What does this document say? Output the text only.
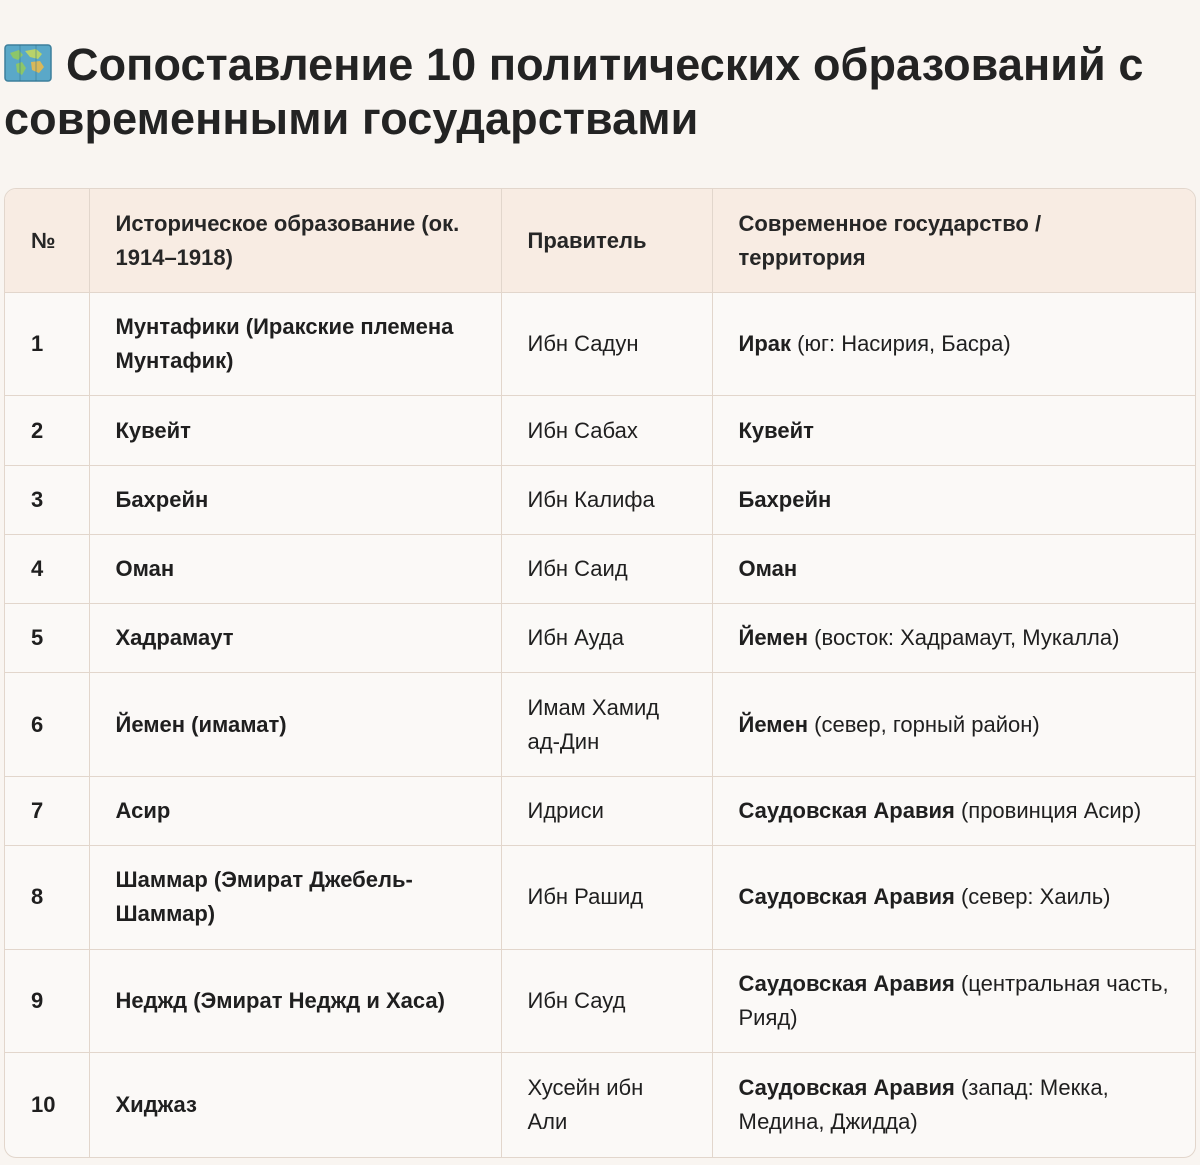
Сопоставление 10 политических образований с современными государствами
№	Историческое образование (ок. 1914–1918)	Правитель	Современное государство / территория
1	Мунтафики (Иракские племена Мунтафик)	Ибн Садун	Ирак (юг: Насирия, Басра)
2	Кувейт	Ибн Сабах	Кувейт
3	Бахрейн	Ибн Калифа	Бахрейн
4	Оман	Ибн Саид	Оман
5	Хадрамаут	Ибн Ауда	Йемен (восток: Хадрамаут, Мукалла)
6	Йемен (имамат)	Имам Хамид ад-Дин	Йемен (север, горный район)
7	Асир	Идриси	Саудовская Аравия (провинция Асир)
8	Шаммар (Эмират Джебель-Шаммар)	Ибн Рашид	Саудовская Аравия (север: Хаиль)
9	Неджд (Эмират Неджд и Хаса)	Ибн Сауд	Саудовская Аравия (центральная часть, Рияд)
10	Хиджаз	Хусейн ибн Али	Саудовская Аравия (запад: Мекка, Медина, Джидда)
